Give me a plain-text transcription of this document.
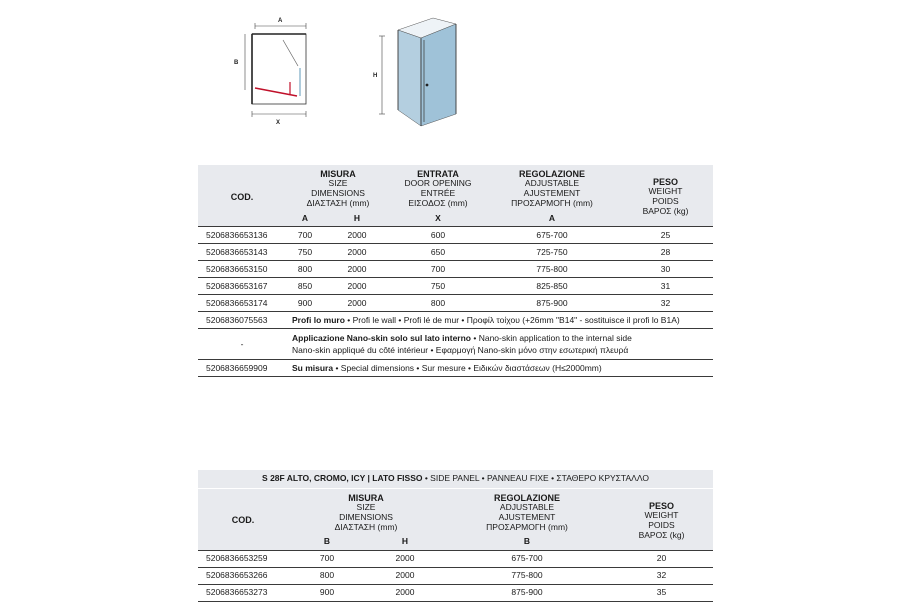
A
B
X
H
COD.	MISURA
SIZE
DIMENSIONS
ΔΙΑΣΤΑΣΗ (mm)		ENTRATA
DOOR OPENING
ENTRÉE
ΕΙΣΟΔΟΣ (mm)	REGOLAZIONE
ADJUSTABLE
AJUSTEMENT
ΠΡΟΣΑΡΜΟΓΗ (mm)	PESO
WEIGHT
POIDS
ΒΑΡΟΣ (kg)

	A	H	X	A	
5206836653136	700	2000	600	675-700	25
5206836653143	750	2000	650	725-750	28
5206836653150	800	2000	700	775-800	30
5206836653167	850	2000	750	825-850	31
5206836653174	900	2000	800	875-900	32
5206836075563	Profi lo muro • Profi le wall • Profi lé de mur • Προφίλ τοίχου (+26mm "B14" - sostituisce il profi lo B1A)				
-	Applicazione Nano-skin solo sul lato interno • Nano-skin application to the internal side
Nano-skin appliqué du côté intérieur • Εφαρμογή Nano-skin μόνο στην εσωτερική πλευρά				
5206836659909	Su misura • Special dimensions • Sur mesure • Ειδικών διαστάσεων (H≤2000mm)				
S 28F ALTO, CROMO, ICY | LATO FISSO • SIDE PANEL • PANNEAU FIXE • ΣΤΑΘΕΡΟ ΚΡΥΣΤΑΛΛΟ				
COD.	MISURA
SIZE
DIMENSIONS
ΔΙΑΣΤΑΣΗ (mm)		REGOLAZIONE
ADJUSTABLE
AJUSTEMENT
ΠΡΟΣΑΡΜΟΓΗ (mm)	PESO
WEIGHT
POIDS
ΒΑΡΟΣ (kg)

	B	H	B	
5206836653259	700	2000	675-700	20
5206836653266	800	2000	775-800	32
5206836653273	900	2000	875-900	35
